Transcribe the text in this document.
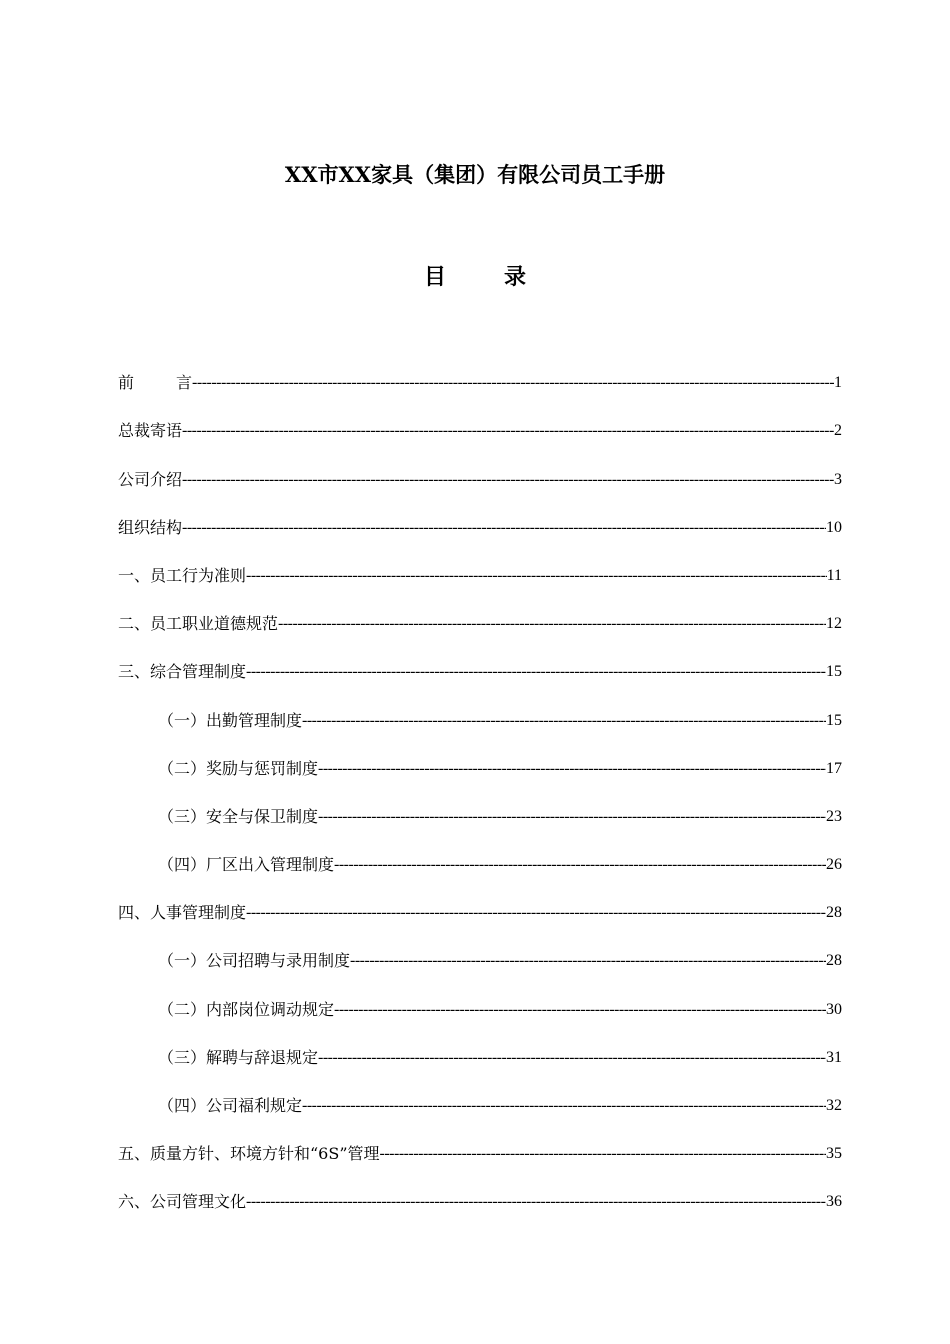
XX市XX家具（集团）有限公司员工手册
目	录
前	言 -----	1
总裁寄语 -----	2
公司介绍 -----	3
组织结构 -----	10
一、员工行为准则 -----	11
二、员工职业道德规范 -----	12
三、综合管理制度 -----	15
（一）出勤管理制度 -----	15
（二）奖励与惩罚制度 -----	17
（三）安全与保卫制度 -----	23
（四）厂区出入管理制度 -----	26
四、人事管理制度 -----	28
（一）公司招聘与录用制度 -----	28
（二）内部岗位调动规定 -----	30
（三）解聘与辞退规定 -----	31
（四）公司福利规定 -----	32
五、质量方针、环境方针和“6S”管理 -----	35
六、公司管理文化 -----	36
